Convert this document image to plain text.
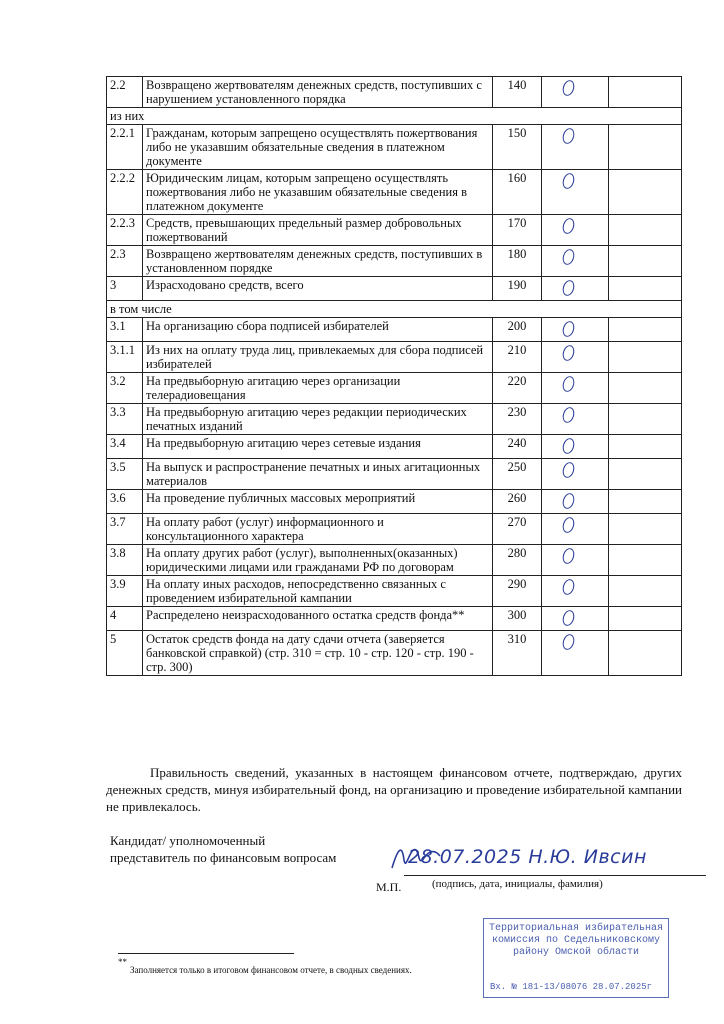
2.2	Возвращено жертвователям денежных средств, поступивших с нарушением установленного порядка	140		
из них				
2.2.1	Гражданам, которым запрещено осуществлять пожертвования либо не указавшим обязательные сведения в платежном документе	150		
2.2.2	Юридическим лицам, которым запрещено осуществлять пожертвования либо не указавшим обязательные сведения в платежном документе	160		
2.2.3	Средств, превышающих предельный размер добровольных пожертвований	170		
2.3	Возвращено жертвователям денежных средств, поступивших в установленном порядке	180		
3	Израсходовано средств, всего	190		
в том числе				
3.1	На организацию сбора подписей избирателей	200		
3.1.1	Из них на оплату труда лиц, привлекаемых для сбора подписей избирателей	210		
3.2	На предвыборную агитацию через организации телерадиовещания	220		
3.3	На предвыборную агитацию через редакции периодических печатных изданий	230		
3.4	На предвыборную агитацию через сетевые издания	240		
3.5	На выпуск и распространение печатных и иных агитационных материалов	250		
3.6	На проведение публичных массовых мероприятий	260		
3.7	На оплату работ (услуг) информационного и консультационного характера	270		
3.8	На оплату других работ (услуг), выполненных(оказанных) юридическими лицами или гражданами РФ по договорам	280		
3.9	На оплату иных расходов, непосредственно связанных с проведением избирательной кампании	290		
4	Распределено неизрасходованного остатка средств фонда**	300		
5	Остаток средств фонда на дату сдачи отчета (заверяется банковской справкой) (стр. 310 = стр. 10 - стр. 120 - стр. 190 - стр. 300)	310		
Правильность сведений, указанных в настоящем финансовом отчете, подтверждаю, других денежных средств, минуя избирательный фонд, на организацию и проведение избирательной кампании не привлекалось.
Кандидат/ уполномоченный
представитель по финансовым вопросам	28.07.2025 Н.Ю. Ивсин
М.П.	(подпись, дата, инициалы, фамилия)
**
Заполняется только в итоговом финансовом отчете, в сводных сведениях.
Территориальная избирательная
комиссия по Седельниковскому
району Омской области
Вх. № 181-13/08076 28.07.2025г
